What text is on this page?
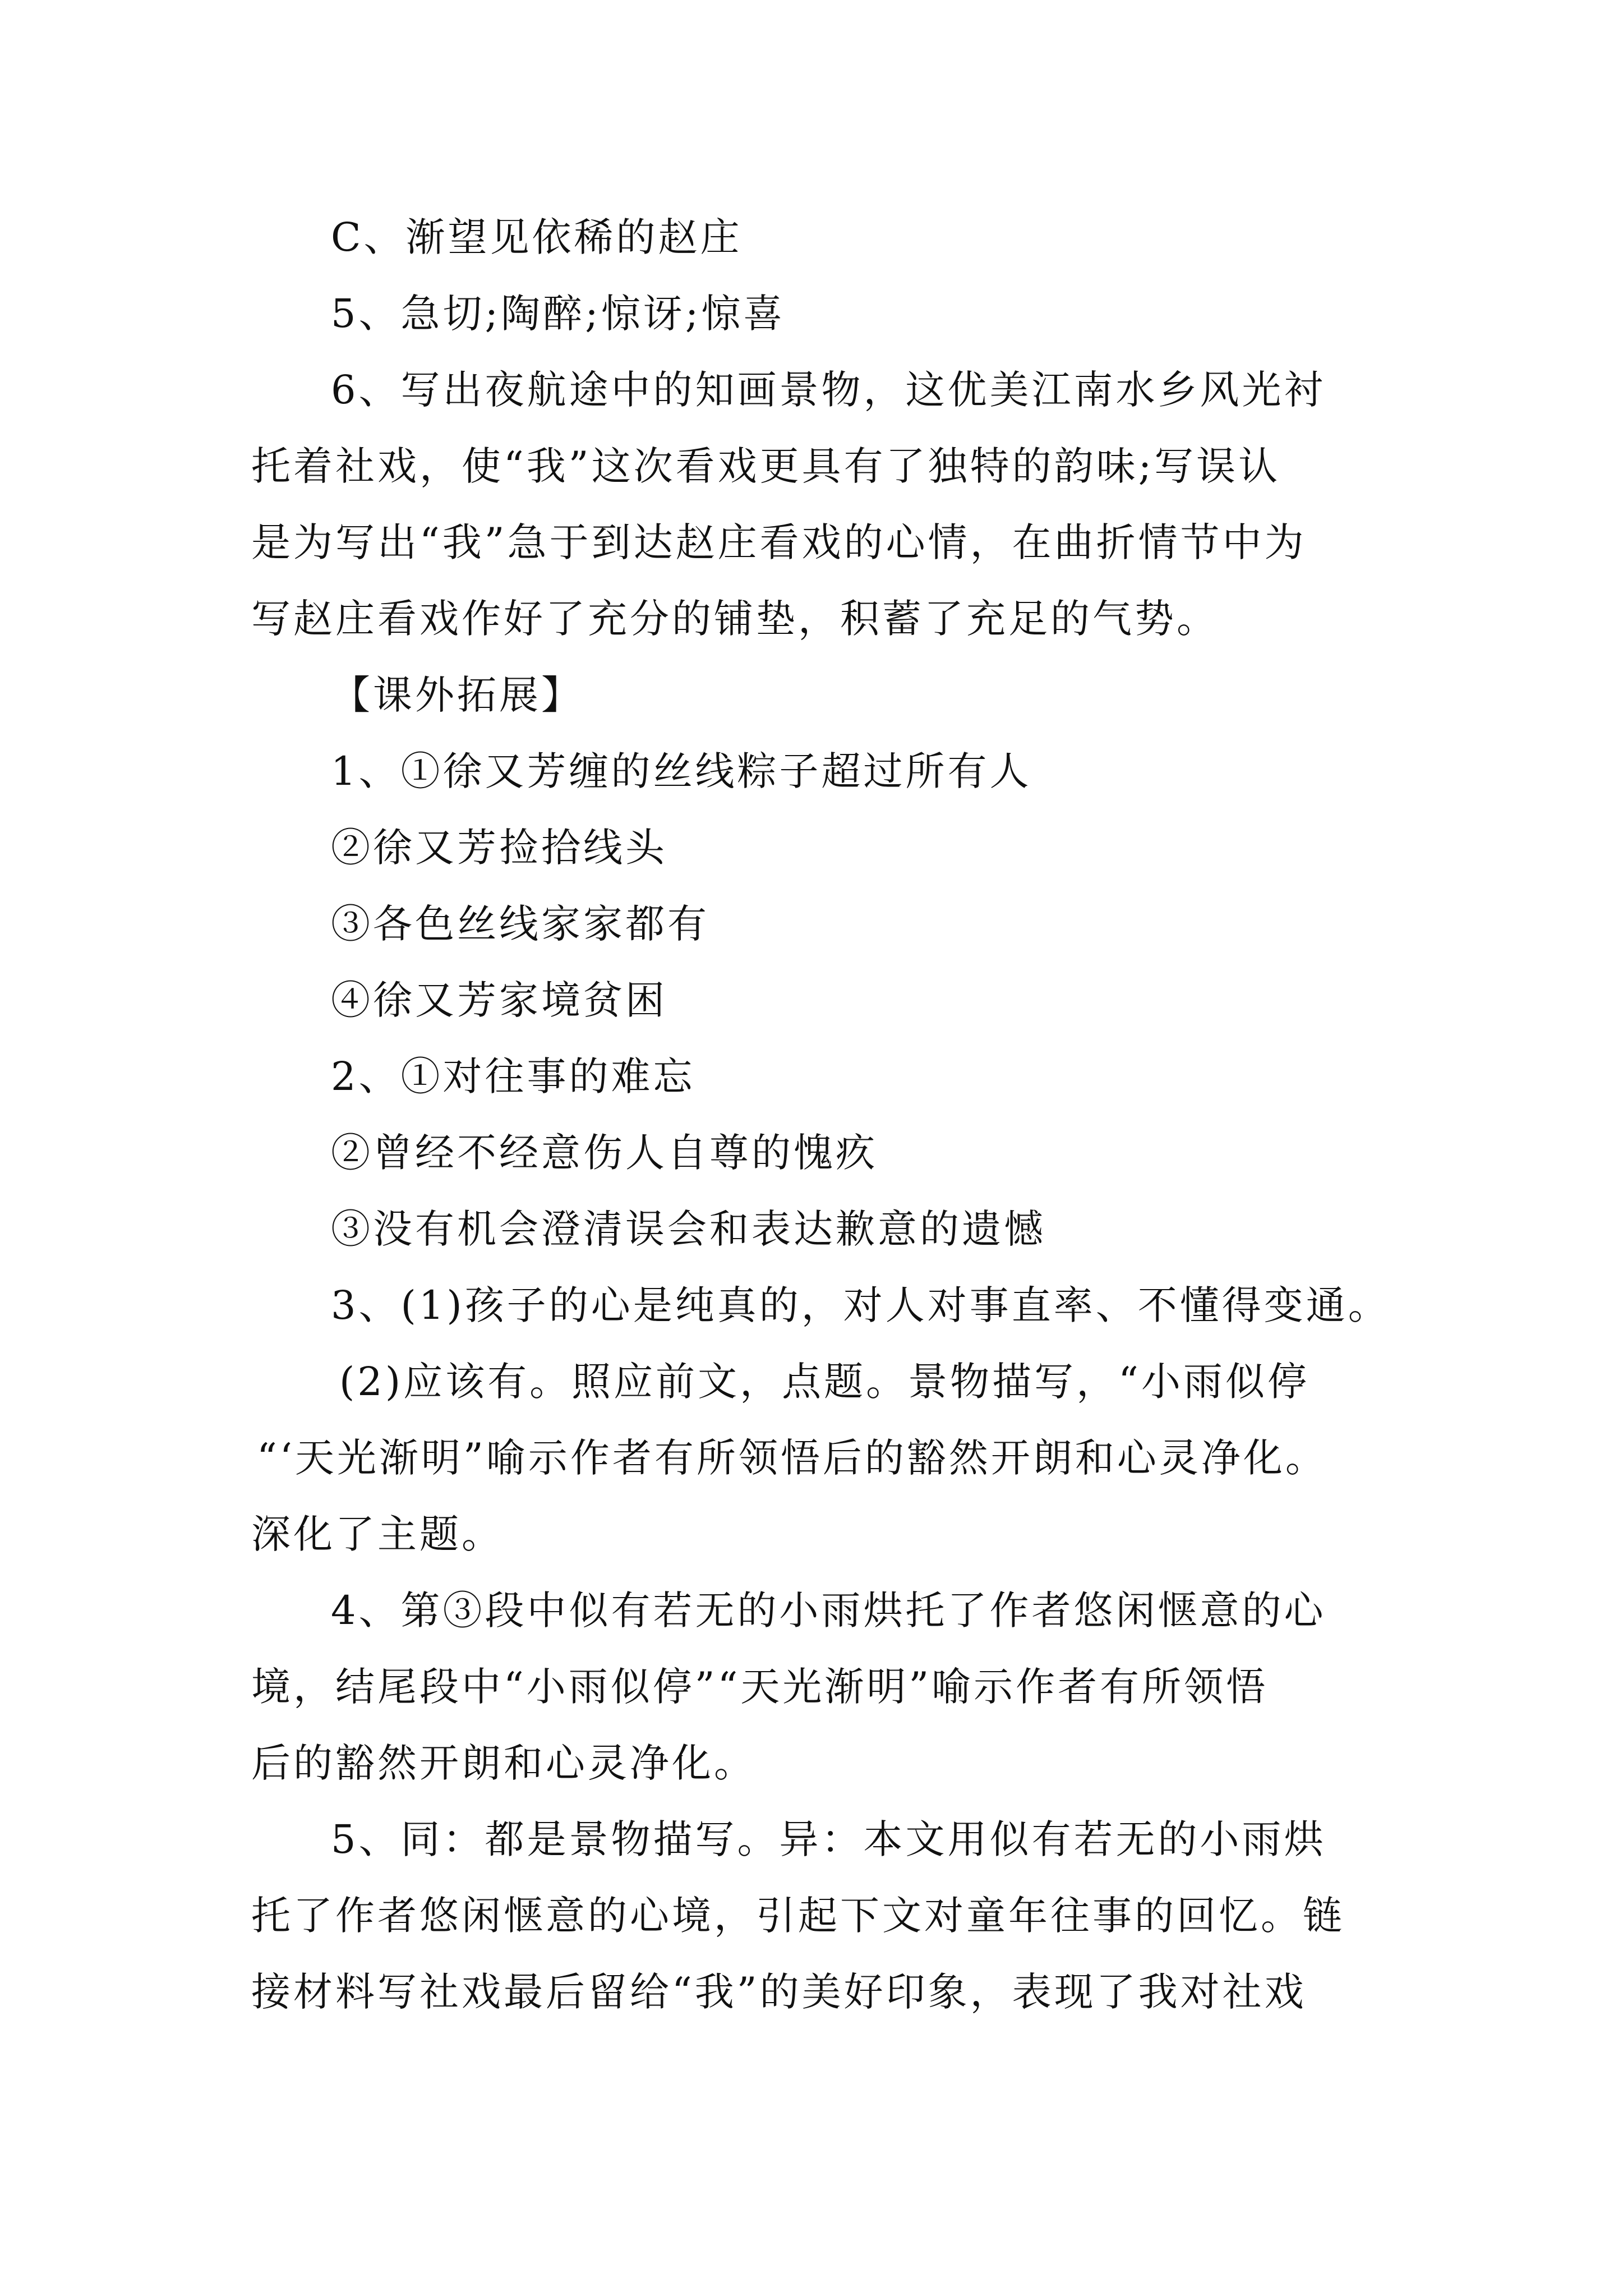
C、渐望见依稀的赵庄
5、急切;陶醉;惊讶;惊喜
6、写出夜航途中的知画景物，这优美江南水乡风光衬
托着社戏，使“我”这次看戏更具有了独特的韵味;写误认
是为写出“我”急于到达赵庄看戏的心情，在曲折情节中为
写赵庄看戏作好了充分的铺垫，积蓄了充足的气势。
【课外拓展】
1、①徐又芳缠的丝线粽子超过所有人
②徐又芳捡拾线头
③各色丝线家家都有
④徐又芳家境贫困
2、①对往事的难忘
②曾经不经意伤人自尊的愧疚
③没有机会澄清误会和表达歉意的遗憾
3、(1)孩子的心是纯真的，对人对事直率、不懂得变通。
(2)应该有。照应前文，点题。景物描写，“小雨似停
“‘天光渐明”喻示作者有所领悟后的豁然开朗和心灵净化。
深化了主题。
4、第③段中似有若无的小雨烘托了作者悠闲惬意的心
境，结尾段中“小雨似停”“天光渐明”喻示作者有所领悟
后的豁然开朗和心灵净化。
5、同：都是景物描写。异：本文用似有若无的小雨烘
托了作者悠闲惬意的心境，引起下文对童年往事的回忆。链
接材料写社戏最后留给“我”的美好印象，表现了我对社戏
